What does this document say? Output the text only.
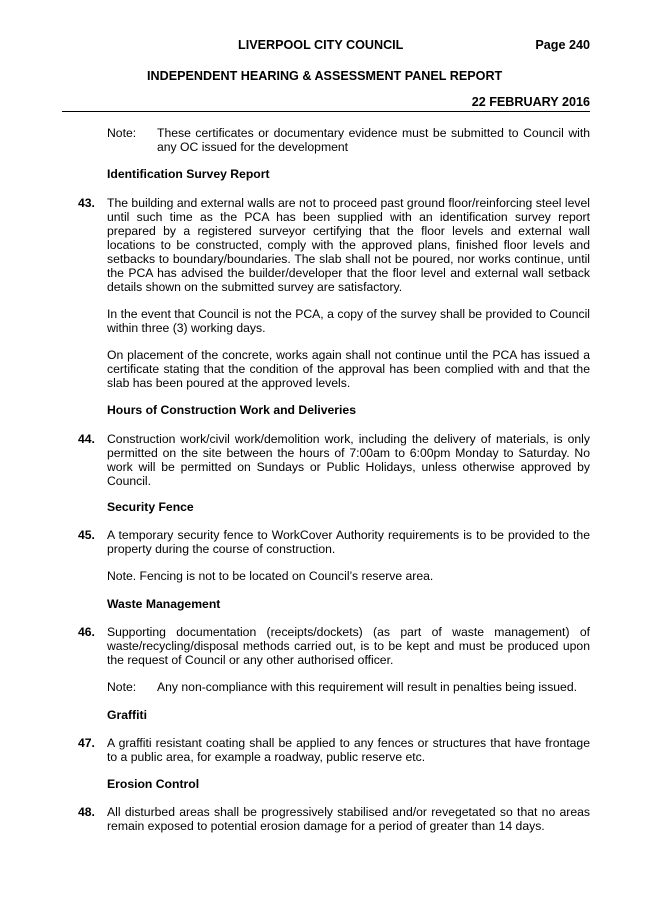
LIVERPOOL CITY COUNCIL	Page 240
INDEPENDENT HEARING & ASSESSMENT PANEL REPORT
22 FEBRUARY 2016
Note: These certificates or documentary evidence must be submitted to Council with any OC issued for the development
Identification Survey Report
43. The building and external walls are not to proceed past ground floor/reinforcing steel level until such time as the PCA has been supplied with an identification survey report prepared by a registered surveyor certifying that the floor levels and external wall locations to be constructed, comply with the approved plans, finished floor levels and setbacks to boundary/boundaries. The slab shall not be poured, nor works continue, until the PCA has advised the builder/developer that the floor level and external wall setback details shown on the submitted survey are satisfactory.
In the event that Council is not the PCA, a copy of the survey shall be provided to Council within three (3) working days.
On placement of the concrete, works again shall not continue until the PCA has issued a certificate stating that the condition of the approval has been complied with and that the slab has been poured at the approved levels.
Hours of Construction Work and Deliveries
44. Construction work/civil work/demolition work, including the delivery of materials, is only permitted on the site between the hours of 7:00am to 6:00pm Monday to Saturday. No work will be permitted on Sundays or Public Holidays, unless otherwise approved by Council.
Security Fence
45. A temporary security fence to WorkCover Authority requirements is to be provided to the property during the course of construction.
Note. Fencing is not to be located on Council’s reserve area.
Waste Management
46. Supporting documentation (receipts/dockets) (as part of waste management) of waste/recycling/disposal methods carried out, is to be kept and must be produced upon the request of Council or any other authorised officer.
Note: Any non-compliance with this requirement will result in penalties being issued.
Graffiti
47. A graffiti resistant coating shall be applied to any fences or structures that have frontage to a public area, for example a roadway, public reserve etc.
Erosion Control
48. All disturbed areas shall be progressively stabilised and/or revegetated so that no areas remain exposed to potential erosion damage for a period of greater than 14 days.
